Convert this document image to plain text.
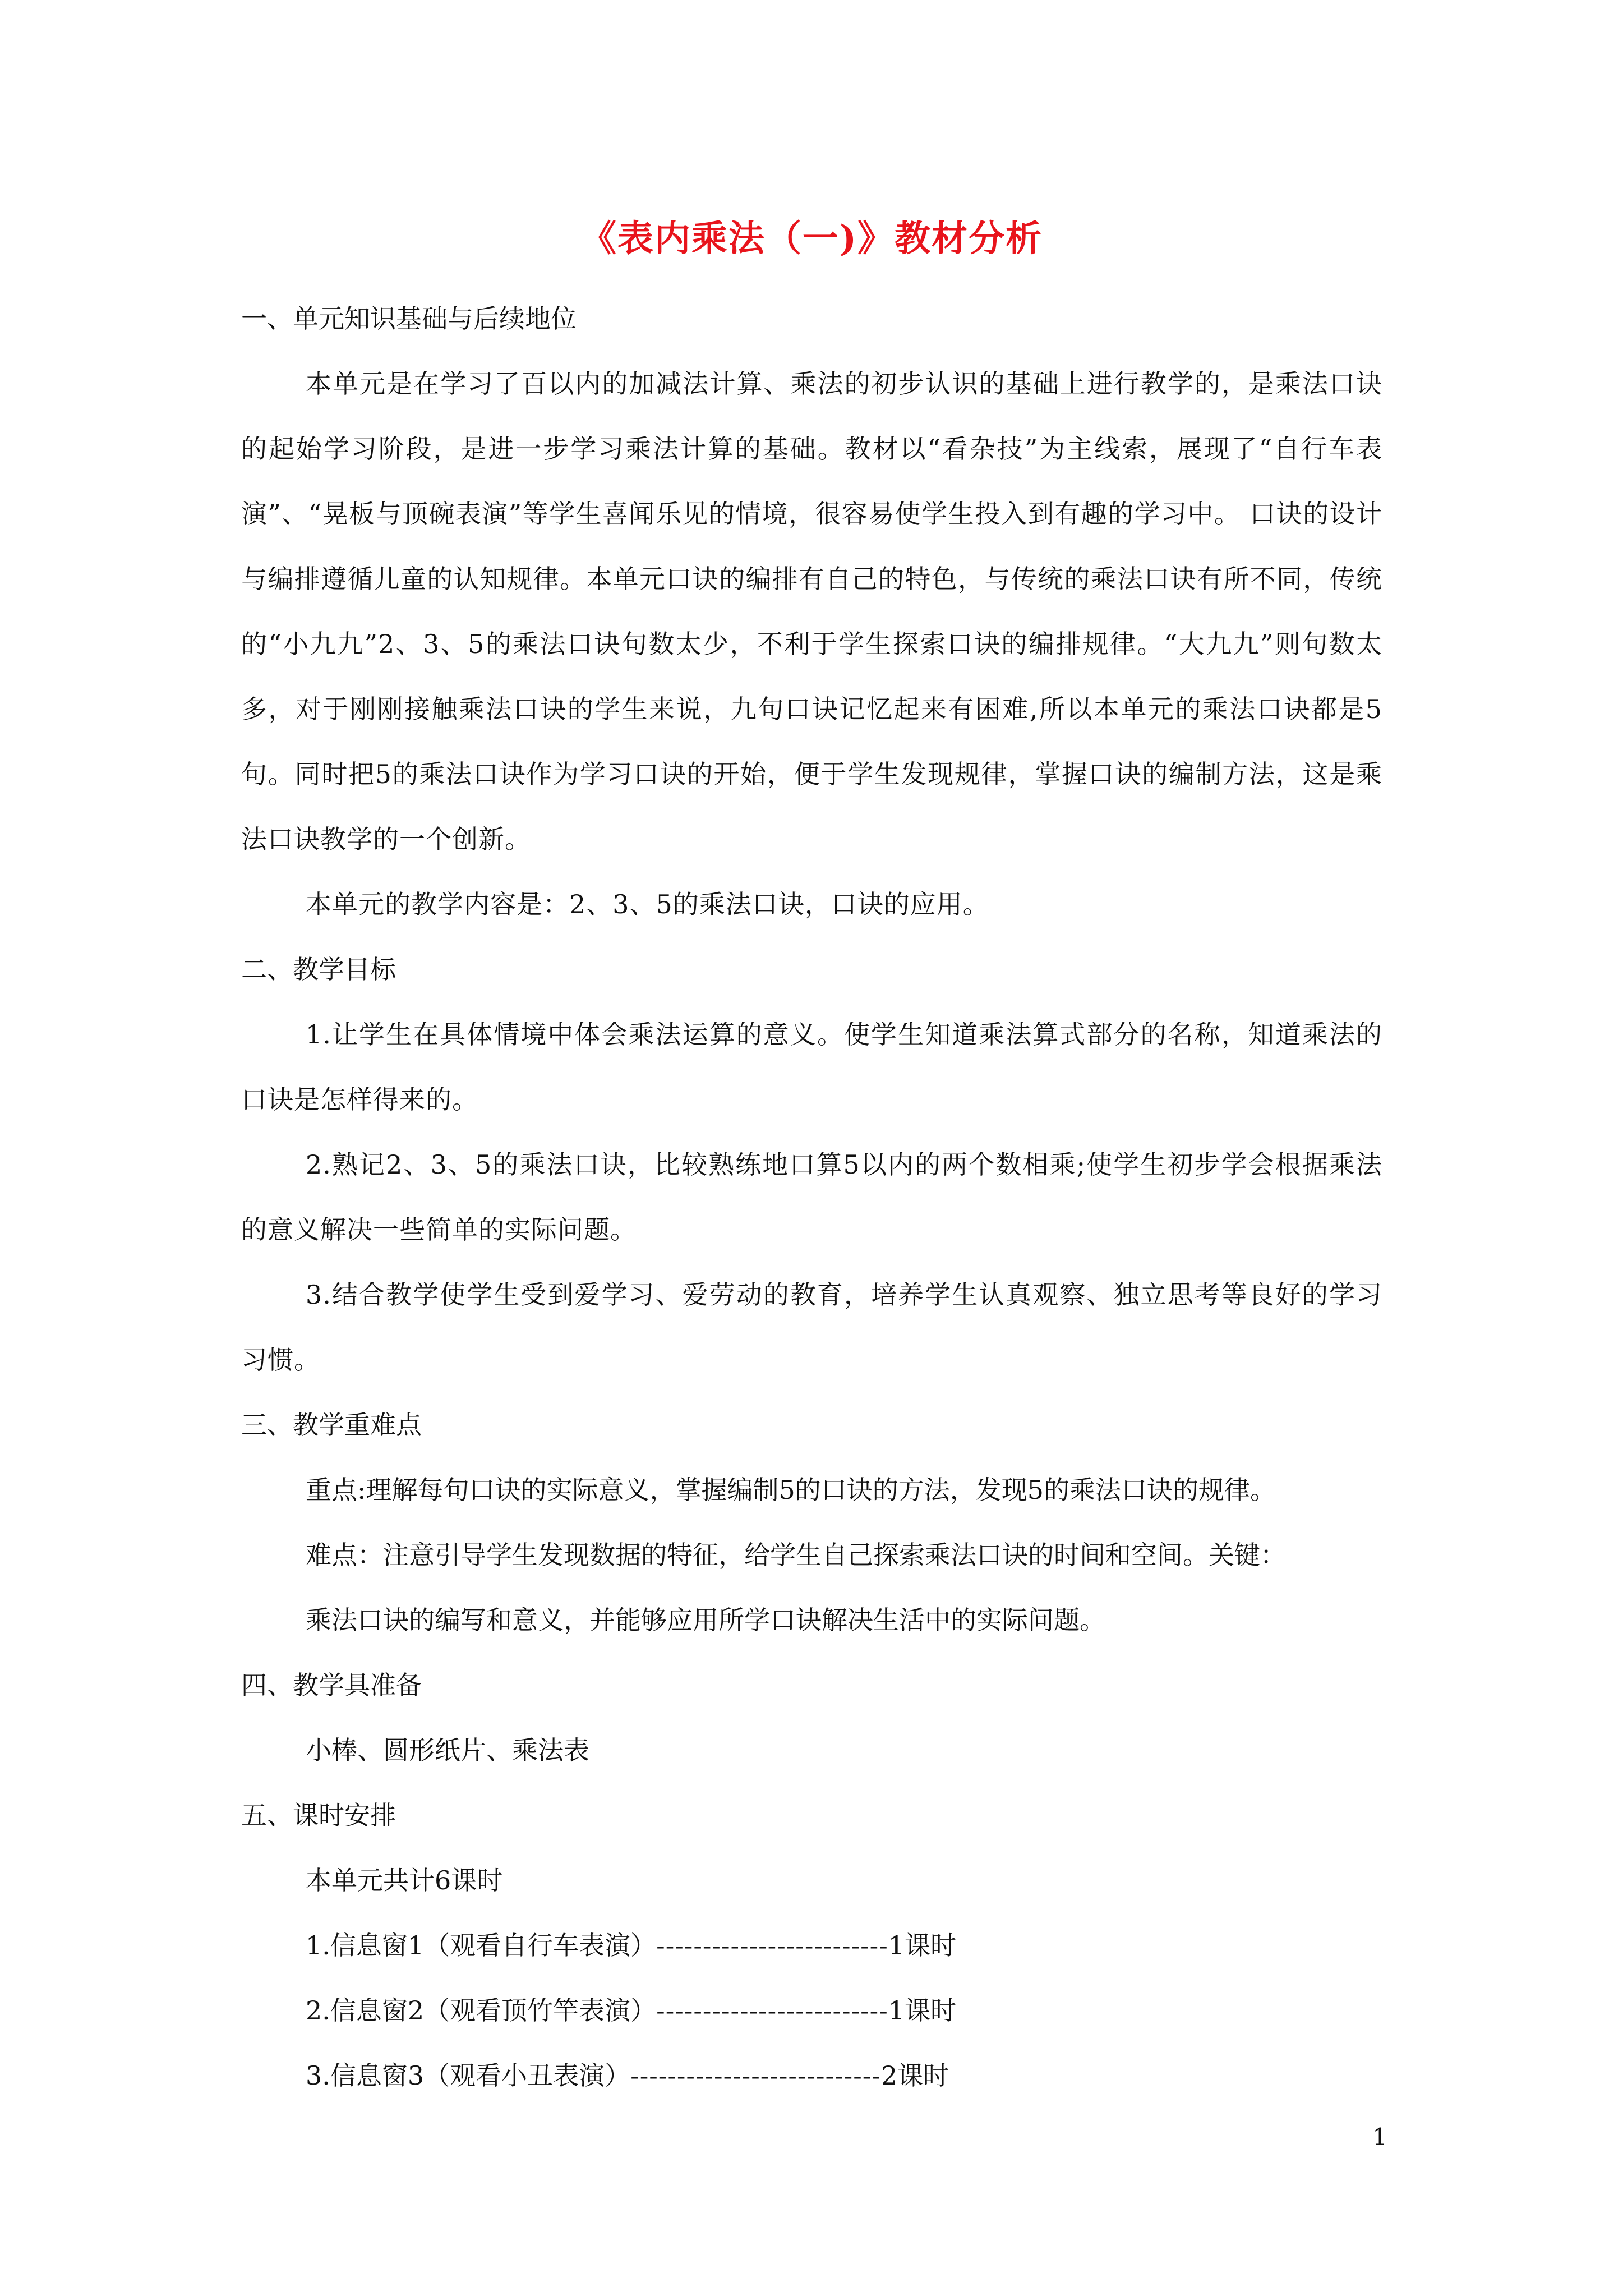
《表内乘法（一)》教材分析
一、单元知识基础与后续地位

本单元是在学习了百以内的加减法计算、乘法的初步认识的基础上进行教学的，是乘法口诀的起始学习阶段，是进一步学习乘法计算的基础。教材以“看杂技”为主线索，展现了“自行车表演”、“晃板与顶碗表演”等学生喜闻乐见的情境，很容易使学生投入到有趣的学习中。 口诀的设计与编排遵循儿童的认知规律。本单元口诀的编排有自己的特色，与传统的乘法口诀有所不同，传统的“小九九”2、3、5的乘法口诀句数太少，不利于学生探索口诀的编排规律。“大九九”则句数太多，对于刚刚接触乘法口诀的学生来说，九句口诀记忆起来有困难,所以本单元的乘法口诀都是5句。同时把5的乘法口诀作为学习口诀的开始，便于学生发现规律，掌握口诀的编制方法，这是乘法口诀教学的一个创新。

本单元的教学内容是：2、3、5的乘法口诀，口诀的应用。

二、教学目标

1.让学生在具体情境中体会乘法运算的意义。使学生知道乘法算式部分的名称，知道乘法的口诀是怎样得来的。

2.熟记2、3、5的乘法口诀，比较熟练地口算5以内的两个数相乘;使学生初步学会根据乘法的意义解决一些简单的实际问题。

3.结合教学使学生受到爱学习、爱劳动的教育，培养学生认真观察、独立思考等良好的学习习惯。

三、教学重难点
重点:理解每句口诀的实际意义，掌握编制5的口诀的方法，发现5的乘法口诀的规律。
难点：注意引导学生发现数据的特征，给学生自己探索乘法口诀的时间和空间。关键：
乘法口诀的编写和意义，并能够应用所学口诀解决生活中的实际问题。
四、教学具准备
小棒、圆形纸片、乘法表
五、课时安排
本单元共计6课时
1.信息窗1（观看自行车表演） ------------------------- 1课时
2.信息窗2（观看顶竹竿表演） ------------------------- 1课时
3.信息窗3（观看小丑表演） --------------------------- 2课时
1
